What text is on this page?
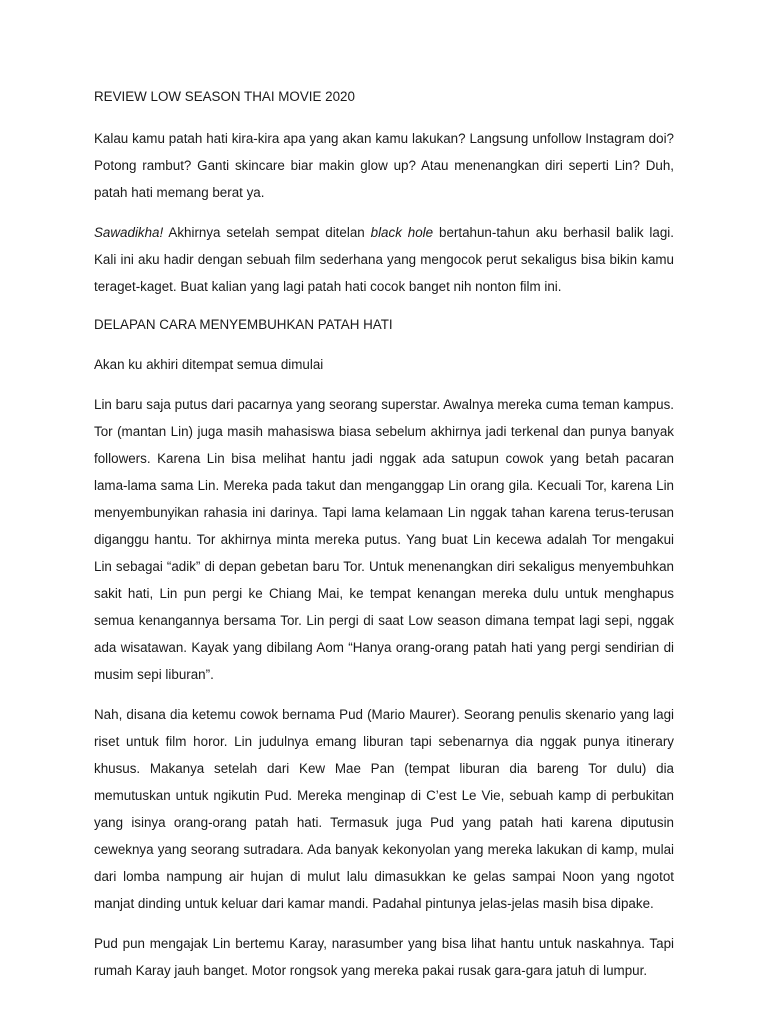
REVIEW LOW SEASON THAI MOVIE 2020
Kalau kamu patah hati kira-kira apa yang akan kamu lakukan? Langsung unfollow Instagram doi? Potong rambut? Ganti skincare biar makin glow up? Atau menenangkan diri seperti Lin? Duh, patah hati memang berat ya.
Sawadikha! Akhirnya setelah sempat ditelan black hole bertahun-tahun aku berhasil balik lagi. Kali ini aku hadir dengan sebuah film sederhana yang mengocok perut sekaligus bisa bikin kamu teraget-kaget. Buat kalian yang lagi patah hati cocok banget nih nonton film ini.
DELAPAN CARA MENYEMBUHKAN PATAH HATI
Akan ku akhiri ditempat semua dimulai
Lin baru saja putus dari pacarnya yang seorang superstar. Awalnya mereka cuma teman kampus. Tor (mantan Lin) juga masih mahasiswa biasa sebelum akhirnya jadi terkenal dan punya banyak followers. Karena Lin bisa melihat hantu jadi nggak ada satupun cowok yang betah pacaran lama-lama sama Lin. Mereka pada takut dan menganggap Lin orang gila. Kecuali Tor, karena Lin menyembunyikan rahasia ini darinya. Tapi lama kelamaan Lin nggak tahan karena terus-terusan diganggu hantu. Tor akhirnya minta mereka putus. Yang buat Lin kecewa adalah Tor mengakui Lin sebagai “adik” di depan gebetan baru Tor. Untuk menenangkan diri sekaligus menyembuhkan sakit hati, Lin pun pergi ke Chiang Mai, ke tempat kenangan mereka dulu untuk menghapus semua kenangannya bersama Tor. Lin pergi di saat Low season dimana tempat lagi sepi, nggak ada wisatawan. Kayak yang dibilang Aom “Hanya orang-orang patah hati yang pergi sendirian di musim sepi liburan”.
Nah, disana dia ketemu cowok bernama Pud (Mario Maurer). Seorang penulis skenario yang lagi riset untuk film horor. Lin judulnya emang liburan tapi sebenarnya dia nggak punya itinerary khusus. Makanya setelah dari Kew Mae Pan (tempat liburan dia bareng Tor dulu) dia memutuskan untuk ngikutin Pud. Mereka menginap di C’est Le Vie, sebuah kamp di perbukitan yang isinya orang-orang patah hati. Termasuk juga Pud yang patah hati karena diputusin ceweknya yang seorang sutradara. Ada banyak kekonyolan yang mereka lakukan di kamp, mulai dari lomba nampung air hujan di mulut lalu dimasukkan ke gelas sampai Noon yang ngotot manjat dinding untuk keluar dari kamar mandi. Padahal pintunya jelas-jelas masih bisa dipake.
Pud pun mengajak Lin bertemu Karay, narasumber yang bisa lihat hantu untuk naskahnya. Tapi rumah Karay jauh banget. Motor rongsok yang mereka pakai rusak gara-gara jatuh di lumpur.
